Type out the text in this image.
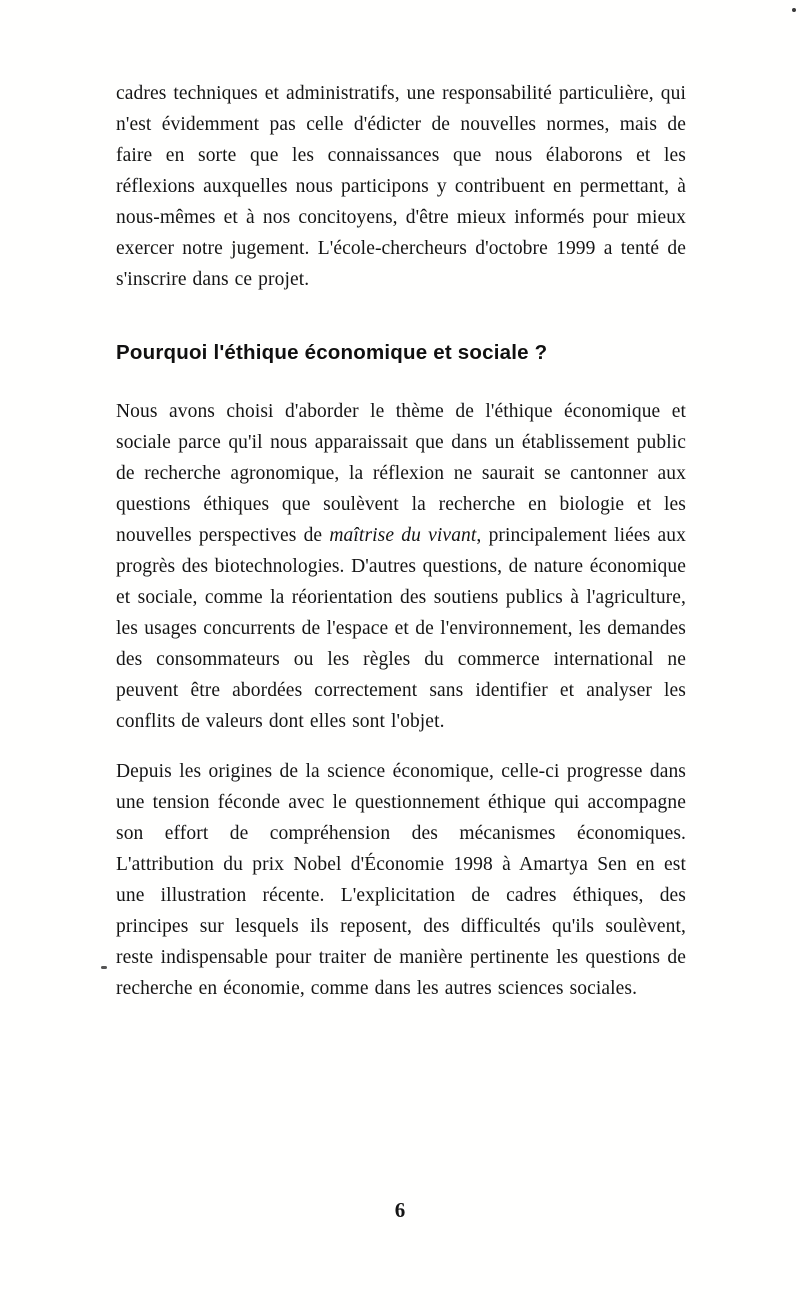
cadres techniques et administratifs, une responsabilité particulière, qui n'est évidemment pas celle d'édicter de nouvelles normes, mais de faire en sorte que les connaissances que nous élaborons et les réflexions auxquelles nous participons y contribuent en permettant, à nous-mêmes et à nos concitoyens, d'être mieux informés pour mieux exercer notre jugement. L'école-chercheurs d'octobre 1999 a tenté de s'inscrire dans ce projet.

Pourquoi l'éthique économique et sociale ?

Nous avons choisi d'aborder le thème de l'éthique économique et sociale parce qu'il nous apparaissait que dans un établissement public de recherche agronomique, la réflexion ne saurait se cantonner aux questions éthiques que soulèvent la recherche en biologie et les nouvelles perspectives de maîtrise du vivant, principalement liées aux progrès des biotechnologies. D'autres questions, de nature économique et sociale, comme la réorientation des soutiens publics à l'agriculture, les usages concurrents de l'espace et de l'environnement, les demandes des consommateurs ou les règles du commerce international ne peuvent être abordées correctement sans identifier et analyser les conflits de valeurs dont elles sont l'objet.

Depuis les origines de la science économique, celle-ci progresse dans une tension féconde avec le questionnement éthique qui accompagne son effort de compréhension des mécanismes économiques. L'attribution du prix Nobel d'Économie 1998 à Amartya Sen en est une illustration récente. L'explicitation de cadres éthiques, des principes sur lesquels ils reposent, des difficultés qu'ils soulèvent, reste indispensable pour traiter de manière pertinente les questions de recherche en économie, comme dans les autres sciences sociales.

6
